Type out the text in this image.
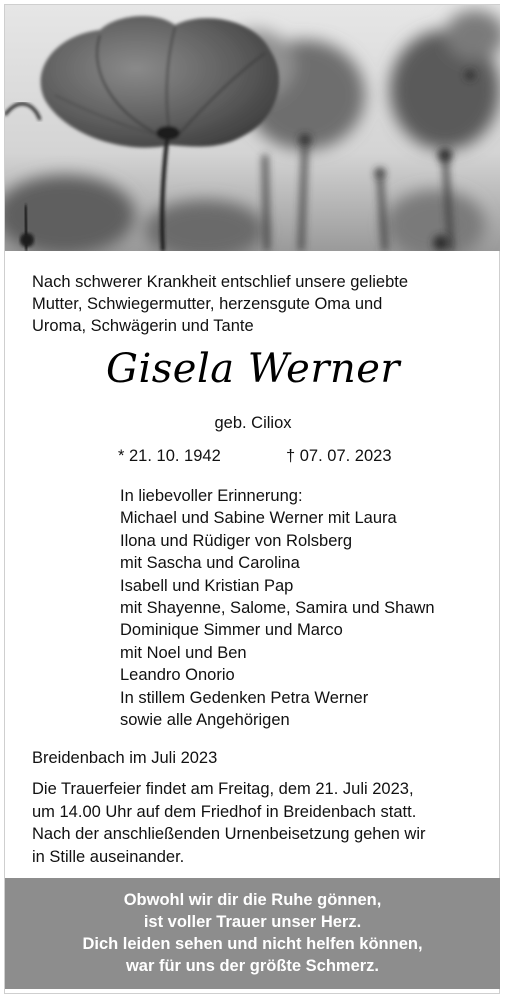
Nach schwerer Krankheit entschlief unsere geliebte
Mutter, Schwiegermutter, herzensgute Oma und
Uroma, Schwägerin und Tante
Gisela Werner
geb. Ciliox
* 21. 10. 1942	† 07. 07. 2023
In liebevoller Erinnerung:
Michael und Sabine Werner mit Laura
Ilona und Rüdiger von Rolsberg
mit Sascha und Carolina
Isabell und Kristian Pap
mit Shayenne, Salome, Samira und Shawn
Dominique Simmer und Marco
mit Noel und Ben
Leandro Onorio
In stillem Gedenken Petra Werner
sowie alle Angehörigen
Breidenbach im Juli 2023
Die Trauerfeier findet am Freitag, dem 21. Juli 2023,
um 14.00 Uhr auf dem Friedhof in Breidenbach statt.
Nach der anschließenden Urnenbeisetzung gehen wir
in Stille auseinander.
Obwohl wir dir die Ruhe gönnen,
ist voller Trauer unser Herz.
Dich leiden sehen und nicht helfen können,
war für uns der größte Schmerz.
